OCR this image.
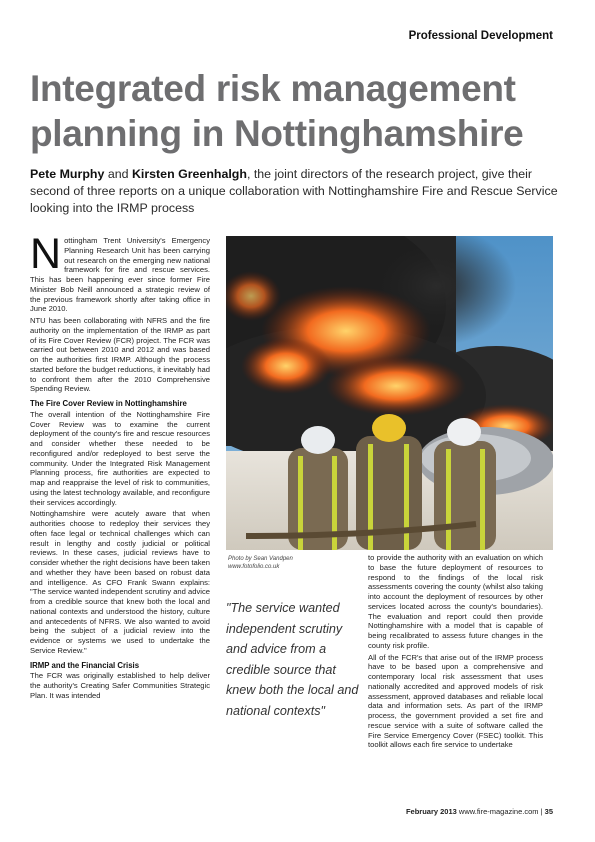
Professional Development
Integrated risk management planning in Nottinghamshire
Pete Murphy and Kirsten Greenhalgh, the joint directors of the research project, give their second of three reports on a unique collaboration with Nottinghamshire Fire and Rescue Service looking into the IRMP process

Nottingham Trent University's Emergency Planning Research Unit has been carrying out research on the emerging new national framework for fire and rescue services. This has been happening ever since former Fire Minister Bob Neill announced a strategic review of the previous framework shortly after taking office in June 2010.

NTU has been collaborating with NFRS and the fire authority on the implementation of the IRMP as part of its Fire Cover Review (FCR) project. The FCR was carried out between 2010 and 2012 and was based on the authorities first IRMP. Although the process started before the budget reductions, it inevitably had to confront them after the 2010 Comprehensive Spending Review.

The Fire Cover Review in Nottinghamshire

The overall intention of the Nottinghamshire Fire Cover Review was to examine the current deployment of the county's fire and rescue resources and consider whether these needed to be reconfigured and/or redeployed to best serve the community. Under the Integrated Risk Management Planning process, fire authorities are expected to map and reappraise the level of risk to communities, using the latest technology available, and reconfigure their services accordingly.

Nottinghamshire were acutely aware that when authorities choose to redeploy their services they often face legal or technical challenges which can result in lengthy and costly judicial or political reviews. In these cases, judicial reviews have to consider whether the right decisions have been taken and whether they have been based on robust data and intelligence. As CFO Frank Swann explains: "The service wanted independent scrutiny and advice from a credible source that knew both the local and national contexts and understood the history, culture and antecedents of NFRS. We also wanted to avoid being the subject of a judicial review into the evidence or systems we used to undertake the Service Review."

IRMP and the Financial Crisis

The FCR was originally established to help deliver the authority's Creating Safer Communities Strategic Plan. It was intended

Photo by Sean Vandpen
www.fotofolio.co.uk
"The service wanted independent scrutiny and advice from a credible source that knew both the local and national contexts"

to provide the authority with an evaluation on which to base the future deployment of resources to respond to the findings of the local risk assessments covering the county (whilst also taking into account the deployment of resources by other services located across the county's boundaries). The evaluation and report could then provide Nottinghamshire with a model that is capable of being recalibrated to assess future changes in the county risk profile.

All of the FCR's that arise out of the IRMP process have to be based upon a comprehensive and contemporary local risk assessment that uses nationally accredited and approved models of risk assessment, approved databases and reliable local data and information sets. As part of the IRMP process, the government provided a set fire and rescue service with a suite of software called the Fire Service Emergency Cover (FSEC) toolkit. This toolkit allows each fire service to undertake

February 2013 www.fire-magazine.com | 35
